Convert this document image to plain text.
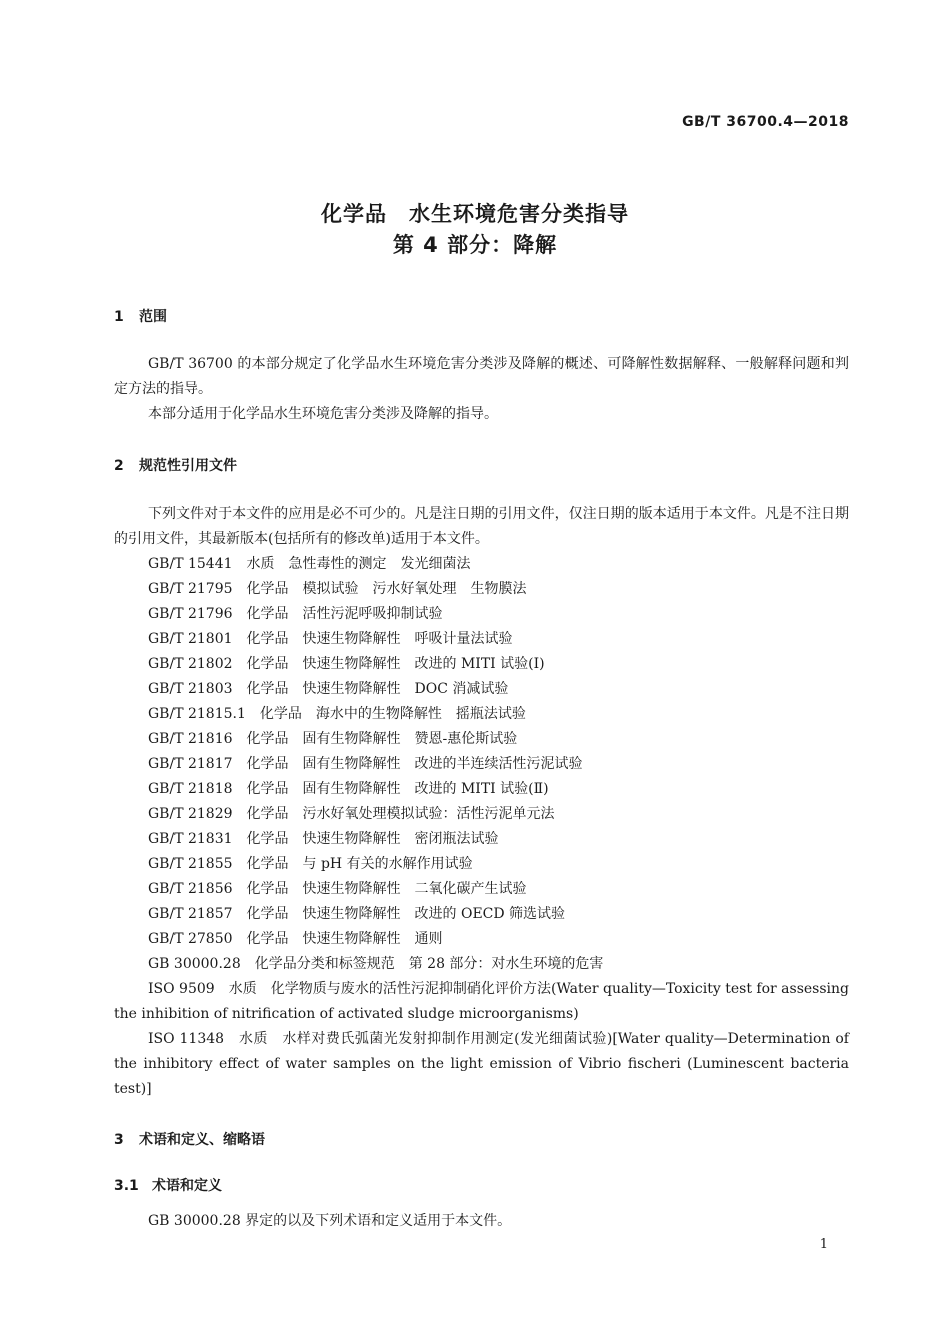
GB/T 36700.4—2018
化学品　水生环境危害分类指导
第 4 部分：降解
1 范围

GB/T 36700 的本部分规定了化学品水生环境危害分类涉及降解的概述、可降解性数据解释、一般解释问题和判定方法的指导。

本部分适用于化学品水生环境危害分类涉及降解的指导。

2 规范性引用文件

下列文件对于本文件的应用是必不可少的。凡是注日期的引用文件，仅注日期的版本适用于本文件。凡是不注日期的引用文件，其最新版本(包括所有的修改单)适用于本文件。

GB/T 15441　水质　急性毒性的测定　发光细菌法

GB/T 21795　化学品　模拟试验　污水好氧处理　生物膜法

GB/T 21796　化学品　活性污泥呼吸抑制试验

GB/T 21801　化学品　快速生物降解性　呼吸计量法试验

GB/T 21802　化学品　快速生物降解性　改进的 MITI 试验(Ⅰ)

GB/T 21803　化学品　快速生物降解性　DOC 消减试验

GB/T 21815.1　化学品　海水中的生物降解性　摇瓶法试验

GB/T 21816　化学品　固有生物降解性　赞恩-惠伦斯试验

GB/T 21817　化学品　固有生物降解性　改进的半连续活性污泥试验

GB/T 21818　化学品　固有生物降解性　改进的 MITI 试验(Ⅱ)

GB/T 21829　化学品　污水好氧处理模拟试验：活性污泥单元法

GB/T 21831　化学品　快速生物降解性　密闭瓶法试验

GB/T 21855　化学品　与 pH 有关的水解作用试验

GB/T 21856　化学品　快速生物降解性　二氧化碳产生试验

GB/T 21857　化学品　快速生物降解性　改进的 OECD 筛选试验

GB/T 27850　化学品　快速生物降解性　通则

GB 30000.28　化学品分类和标签规范　第 28 部分：对水生环境的危害

ISO 9509　水质　化学物质与废水的活性污泥抑制硝化评价方法(Water quality—Toxicity test for assessing the inhibition of nitrification of activated sludge microorganisms)

ISO 11348　水质　水样对费氏弧菌光发射抑制作用测定(发光细菌试验)[Water quality—Determination of the inhibitory effect of water samples on the light emission of Vibrio fischeri (Luminescent bacteria test)]

3 术语和定义、缩略语
3.1 术语和定义

GB 30000.28 界定的以及下列术语和定义适用于本文件。

1
